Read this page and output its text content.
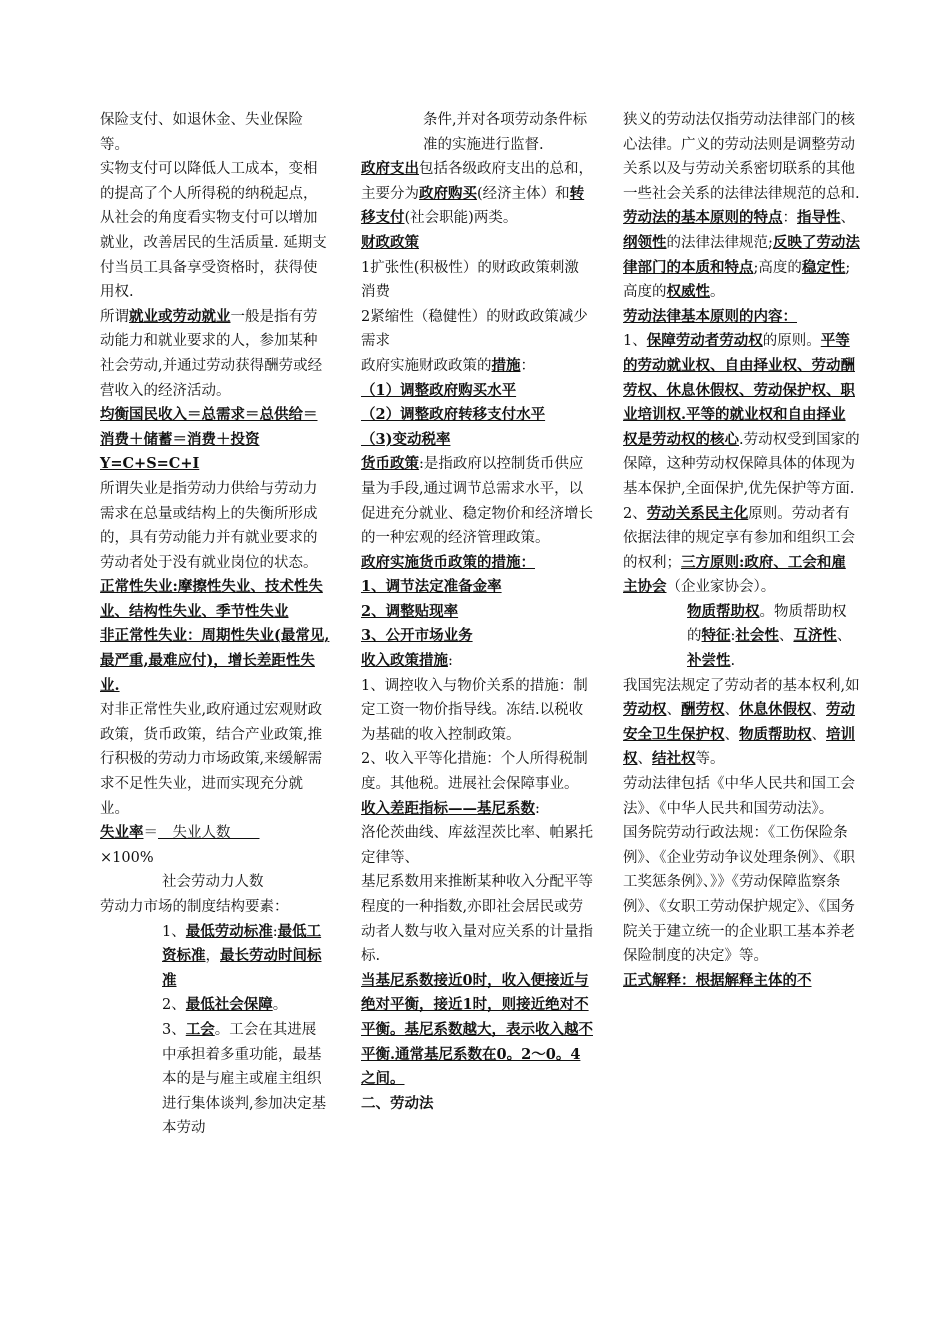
保险支付、如退休金、失业保险等。

实物支付可以降低人工成本，变相的提高了个人所得税的纳税起点，从社会的角度看实物支付可以增加就业，改善居民的生活质量. 延期支付当员工具备享受资格时，获得使用权.

所谓就业或劳动就业一般是指有劳动能力和就业要求的人，参加某种社会劳动,并通过劳动获得酬劳或经营收入的经济活动。

均衡国民收入＝总需求＝总供给＝消费＋储蓄＝消费＋投资Y=C+S=C+I

所谓失业是指劳动力供给与劳动力需求在总量或结构上的失衡所形成的，具有劳动能力并有就业要求的劳动者处于没有就业岗位的状态。

正常性失业:摩擦性失业、技术性失业、结构性失业、季节性失业

非正常性失业：周期性失业(最常见,最严重,最难应付)，增长差距性失业.

对非正常性失业,政府通过宏观财政政策，货币政策，结合产业政策,推行积极的劳动力市场政策,来缓解需求不足性失业，进而实现充分就业。

失业率＝　失业人数　　

×100%

社会劳动力人数

劳动力市场的制度结构要素：

1、最低劳动标准:最低工资标准，最长劳动时间标准

2、最低社会保障。

3、工会。工会在其进展中承担着多重功能，最基本的是与雇主或雇主组织进行集体谈判,参加决定基本劳动

条件,并对各项劳动条件标准的实施进行监督.

政府支出包括各级政府支出的总和，主要分为政府购买(经济主体）和转移支付(社会职能)两类。

财政政策

1扩张性(积极性）的财政政策刺激消费

2紧缩性（稳健性）的财政政策减少需求

政府实施财政政策的措施：

（1）调整政府购买水平

（2）调整政府转移支付水平

（3)变动税率

货币政策:是指政府以控制货币供应量为手段,通过调节总需求水平，以促进充分就业、稳定物价和经济增长的一种宏观的经济管理政策。

政府实施货币政策的措施：

1、调节法定准备金率

2、调整贴现率

3、公开市场业务

收入政策措施:

1、调控收入与物价关系的措施：制定工资一物价指导线。冻结.以税收为基础的收入控制政策。

2、收入平等化措施：个人所得税制度。其他税。进展社会保障事业。

收入差距指标——基尼系数:

洛伦茨曲线、库兹涅茨比率、帕累托定律等、

基尼系数用来推断某种收入分配平等程度的一种指数,亦即社会居民或劳动者人数与收入量对应关系的计量指标.

当基尼系数接近0时，收入便接近与绝对平衡，接近1时，则接近绝对不平衡。基尼系数越大，表示收入越不平衡.通常基尼系数在0。2～0。4之间。

二、劳动法

狭义的劳动法仅指劳动法律部门的核心法律。广义的劳动法则是调整劳动关系以及与劳动关系密切联系的其他一些社会关系的法律法律规范的总和.

劳动法的基本原则的特点：指导性、纲领性的法律法律规范;反映了劳动法律部门的本质和特点;高度的稳定性;高度的权威性。

劳动法律基本原则的内容：

1、保障劳动者劳动权的原则。平等的劳动就业权、自由择业权、劳动酬劳权、休息休假权、劳动保护权、职业培训权.平等的就业权和自由择业权是劳动权的核心.劳动权受到国家的保障，这种劳动权保障具体的体现为基本保护,全面保护,优先保护等方面.

2、劳动关系民主化原则。劳动者有依据法律的规定享有参加和组织工会的权利；三方原则:政府、工会和雇主协会（企业家协会）。

物质帮助权。物质帮助权的特征:社会性、互济性、补尝性.

我国宪法规定了劳动者的基本权利,如劳动权、酬劳权、休息休假权、劳动安全卫生保护权、物质帮助权、培训权、结社权等。

劳动法律包括《中华人民共和国工会法》、《中华人民共和国劳动法》。

国务院劳动行政法规：《工伤保险条例》、《企业劳动争议处理条例》、《职工奖惩条例》、》》《劳动保障监察条例》、《女职工劳动保护规定》、《国务院关于建立统一的企业职工基本养老保险制度的决定》等。

正式解释：根据解释主体的不
